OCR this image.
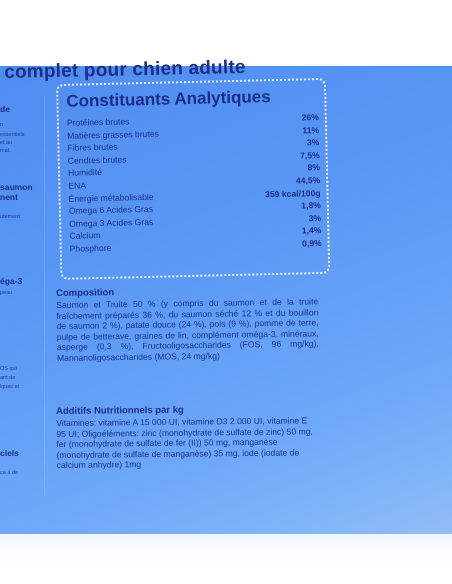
complet pour chien adulte
de
n
essentiels
et au
mal.
saumon
nent
utement
éga-3
peau
OS qui
ant de
iques et
ciels
ce à de
Constituants Analytiques
Protéines brutes	26%
Matières grasses brutes	11%
Fibres brutes	3%
Cendres brutes	7,5%
Humidité	8%
ENA	44,5%
Énergie métabolisable	359 kcal/100g
Omega 6 Acides Gras	1,8%
Omega 3 Acides Gras	3%
Calcium	1,4%
Phosphore	0,9%
Composition

Saumon et Truite 50 % (y compris du saumon et de la truite fraîchement préparés 36 %, du saumon séché 12 % et du bouillon de saumon 2 %), patate douce (24 %), pois (9 %), pomme de terre, pulpe de betterave, graines de lin, complément oméga-3, minéraux, asperge (0,3 %), Fructooligosaccharides (FOS, 96 mg/kg), Mannanoligosaccharides (MOS, 24 mg/kg)

Additifs Nutritionnels par kg

Vitamines: vitamine A 15 000 UI, vitamine D3 2 000 UI, vitamine E 95 UI; Oligoéléments: zinc (monohydrate de sulfate de zinc) 50 mg, fer (monohydrate de sulfate de fer (II)) 50 mg, manganèse (monohydrate de sulfate de manganèse) 35 mg, iode (iodate de calcium anhydre) 1mg
